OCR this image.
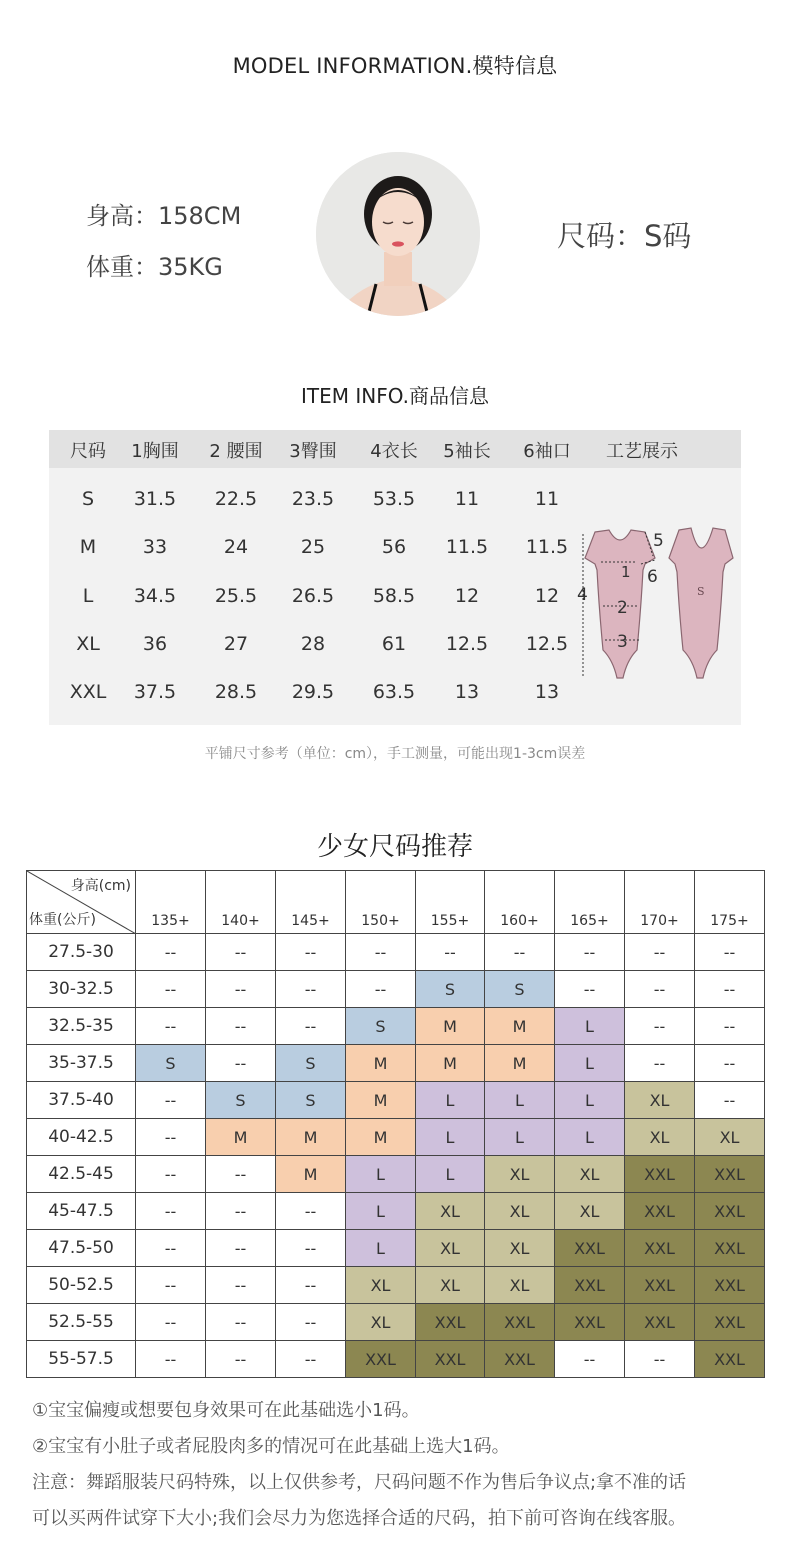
MODEL INFORMATION.模特信息
身高：158CM
体重：35KG
尺码：S码
ITEM INFO.商品信息
尺码	1胸围	2 腰围	3臀围	4衣长	5袖长	6袖口	工艺展示
S	31.5	22.5	23.5	53.5	11	11
M	33	24	25	56	11.5	11.5
L	34.5	25.5	26.5	58.5	12	12
XL	36	27	28	61	12.5	12.5
XXL	37.5	28.5	29.5	63.5	13	13
1
2
3
4
5
6
S
平铺尺寸参考（单位：cm），手工测量，可能出现1-3cm误差
少女尺码推荐
身高(cm)
体重(公斤)	135+	140+	145+	150+	155+	160+	165+	170+	175+
27.5-30	--	--	--	--	--	--	--	--	--
30-32.5	--	--	--	--	S	S	--	--	--
32.5-35	--	--	--	S	M	M	L	--	--
35-37.5	S	--	S	M	M	M	L	--	--
37.5-40	--	S	S	M	L	L	L	XL	--
40-42.5	--	M	M	M	L	L	L	XL	XL
42.5-45	--	--	M	L	L	XL	XL	XXL	XXL
45-47.5	--	--	--	L	XL	XL	XL	XXL	XXL
47.5-50	--	--	--	L	XL	XL	XXL	XXL	XXL
50-52.5	--	--	--	XL	XL	XL	XXL	XXL	XXL
52.5-55	--	--	--	XL	XXL	XXL	XXL	XXL	XXL
55-57.5	--	--	--	XXL	XXL	XXL	--	--	XXL
①宝宝偏瘦或想要包身效果可在此基础选小1码。
②宝宝有小肚子或者屁股肉多的情况可在此基础上选大1码。
注意：舞蹈服装尺码特殊，以上仅供参考，尺码问题不作为售后争议点;拿不准的话
可以买两件试穿下大小;我们会尽力为您选择合适的尺码，拍下前可咨询在线客服。
